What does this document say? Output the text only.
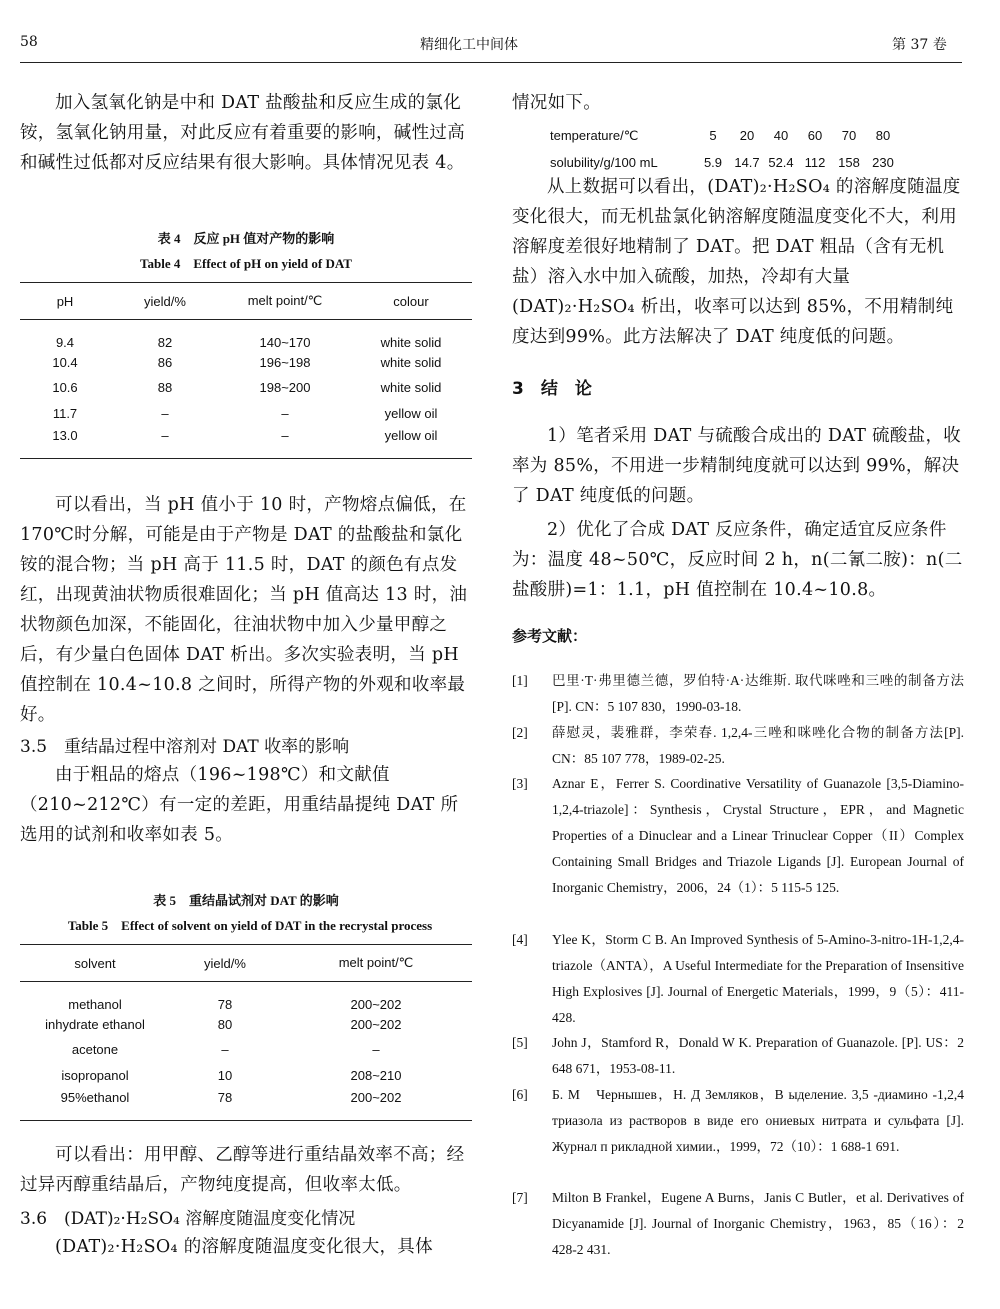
58	精细化工中间体	第 37 卷

加入氢氧化钠是中和 DAT 盐酸盐和反应生成的氯化铵，氢氧化钠用量，对此反应有着重要的影响，碱性过高和碱性过低都对反应结果有很大影响。具体情况见表 4。

表 4　反应 pH 值对产物的影响
Table 4　Effect of pH on yield of DAT
pH	yield/%	melt point/℃	colour
9.4	82	140~170	white solid
10.4	86	196~198	white solid
10.6	88	198~200	white solid
11.7	–	–	yellow oil
13.0	–	–	yellow oil

可以看出，当 pH 值小于 10 时，产物熔点偏低，在 170℃时分解，可能是由于产物是 DAT 的盐酸盐和氯化铵的混合物；当 pH 高于 11.5 时，DAT 的颜色有点发红，出现黄油状物质很难固化；当 pH 值高达 13 时，油状物颜色加深，不能固化，往油状物中加入少量甲醇之后，有少量白色固体 DAT 析出。多次实验表明，当 pH 值控制在 10.4~10.8 之间时，所得产物的外观和收率最好。

3.5　重结晶过程中溶剂对 DAT 收率的影响

由于粗品的熔点（196~198℃）和文献值（210~212℃）有一定的差距，用重结晶提纯 DAT 所选用的试剂和收率如表 5。

表 5　重结晶试剂对 DAT 的影响
Table 5　Effect of solvent on yield of DAT in the recrystal process
solvent	yield/%	melt point/℃
methanol	78	200~202
inhydrate ethanol	80	200~202
acetone	–	–
isopropanol	10	208~210
95%ethanol	78	200~202

可以看出：用甲醇、乙醇等进行重结晶效率不高；经过异丙醇重结晶后，产物纯度提高，但收率太低。

3.6　(DAT)₂·H₂SO₄ 溶解度随温度变化情况

(DAT)₂·H₂SO₄ 的溶解度随温度变化很大，具体

情况如下。

temperature/℃	5	20	40	60	70	80
solubility/g/100 mL	5.9 14.7 52.4 112 158 230

从上数据可以看出，(DAT)₂·H₂SO₄ 的溶解度随温度变化很大，而无机盐氯化钠溶解度随温度变化不大，利用溶解度差很好地精制了 DAT。把 DAT 粗品（含有无机盐）溶入水中加入硫酸，加热，冷却有大量 (DAT)₂·H₂SO₄ 析出，收率可以达到 85%，不用精制纯度达到99%。此方法解决了 DAT 纯度低的问题。

3　结　论

1）笔者采用 DAT 与硫酸合成出的 DAT 硫酸盐，收率为 85%，不用进一步精制纯度就可以达到 99%，解决了 DAT 纯度低的问题。

2）优化了合成 DAT 反应条件，确定适宜反应条件为：温度 48~50℃，反应时间 2 h，n(二氰二胺)：n(二盐酸肼)=1：1.1，pH 值控制在 10.4~10.8。

参考文献：
[1] 巴里·T·弗里德兰德，罗伯特·A·达维斯. 取代咪唑和三唑的制备方法[P]. CN：5 107 830，1990-03-18.
[2] 薛慰灵，裴雅群，李荣春. 1,2,4-三唑和咪唑化合物的制备方法[P]. CN：85 107 778，1989-02-25.
[3] Aznar E，Ferrer S. Coordinative Versatility of Guanazole [3,5-Diamino-1,2,4-triazole]：Synthesis，Crystal Structure，EPR，and Magnetic Properties of a Dinuclear and a Linear Trinuclear Copper（II）Complex Containing Small Bridges and Triazole Ligands [J]. European Journal of Inorganic Chemistry，2006，24（1）：5 115-5 125.
[4] Ylee K，Storm C B. An Improved Synthesis of 5-Amino-3-nitro-1H-1,2,4-triazole（ANTA），A Useful Intermediate for the Preparation of Insensitive High Explosives [J]. Journal of Energetic Materials，1999，9（5）：411-428.
[5] John J，Stamford R，Donald W K. Preparation of Guanazole. [P]. US：2 648 671，1953-08-11.
[6] Б. М　Чернышев，Н. Д Земляков，В ыделение. 3,5 -диамино -1,2,4 триазола из растворов в виде его ониевых нитрата и сульфата [J]. Журнал п рикладной химии.，1999，72（10）：1 688-1 691.
[7] Milton B Frankel，Eugene A Burns，Janis C Butler，et al. Derivatives of Dicyanamide [J]. Journal of Inorganic Chemistry，1963，85（16）：2 428-2 431.
